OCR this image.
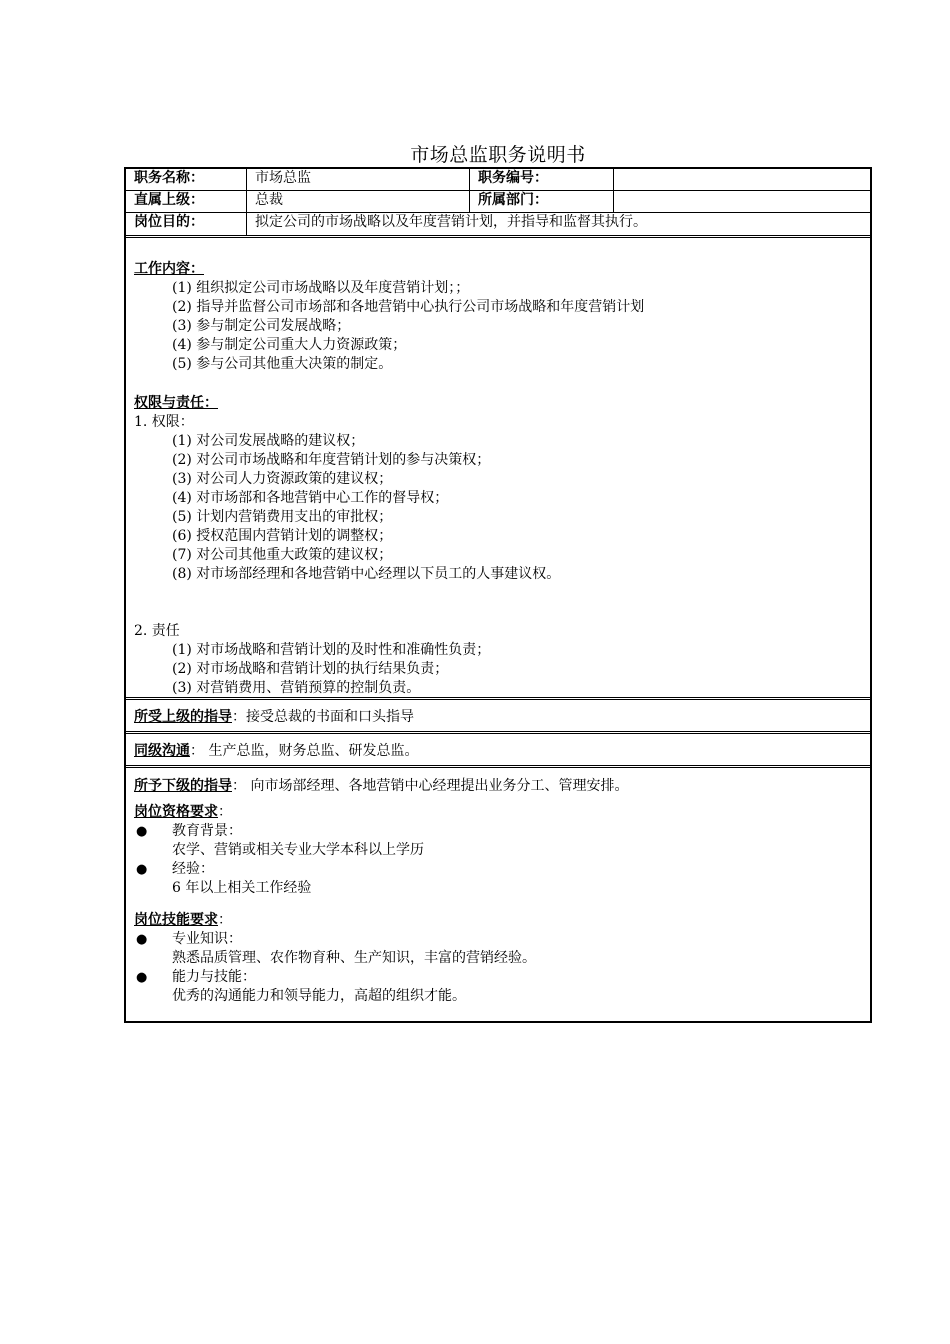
市场总监职务说明书
职务名称：	市场总监	职务编号：
直属上级：	总裁	所属部门：
岗位目的：	拟定公司的市场战略以及年度营销计划，并指导和监督其执行。
工作内容：
(1) 组织拟定公司市场战略以及年度营销计划；；
(2) 指导并监督公司市场部和各地营销中心执行公司市场战略和年度营销计划
(3) 参与制定公司发展战略；
(4) 参与制定公司重大人力资源政策；
(5) 参与公司其他重大决策的制定。
权限与责任：
1. 权限：
(1) 对公司发展战略的建议权；
(2) 对公司市场战略和年度营销计划的参与决策权；
(3) 对公司人力资源政策的建议权；
(4) 对市场部和各地营销中心工作的督导权；
(5) 计划内营销费用支出的审批权；
(6) 授权范围内营销计划的调整权；
(7) 对公司其他重大政策的建议权；
(8) 对市场部经理和各地营销中心经理以下员工的人事建议权。
2. 责任
(1) 对市场战略和营销计划的及时性和准确性负责；
(2) 对市场战略和营销计划的执行结果负责；
(3) 对营销费用、营销预算的控制负责。
所受上级的指导：接受总裁的书面和口头指导
同级沟通： 生产总监，财务总监、研发总监。
所予下级的指导： 向市场部经理、各地营销中心经理提出业务分工、管理安排。
岗位资格要求：
● 教育背景：
农学、营销或相关专业大学本科以上学历
● 经验：
6 年以上相关工作经验
岗位技能要求：
● 专业知识：
熟悉品质管理、农作物育种、生产知识，丰富的营销经验。
● 能力与技能：
优秀的沟通能力和领导能力，高超的组织才能。
